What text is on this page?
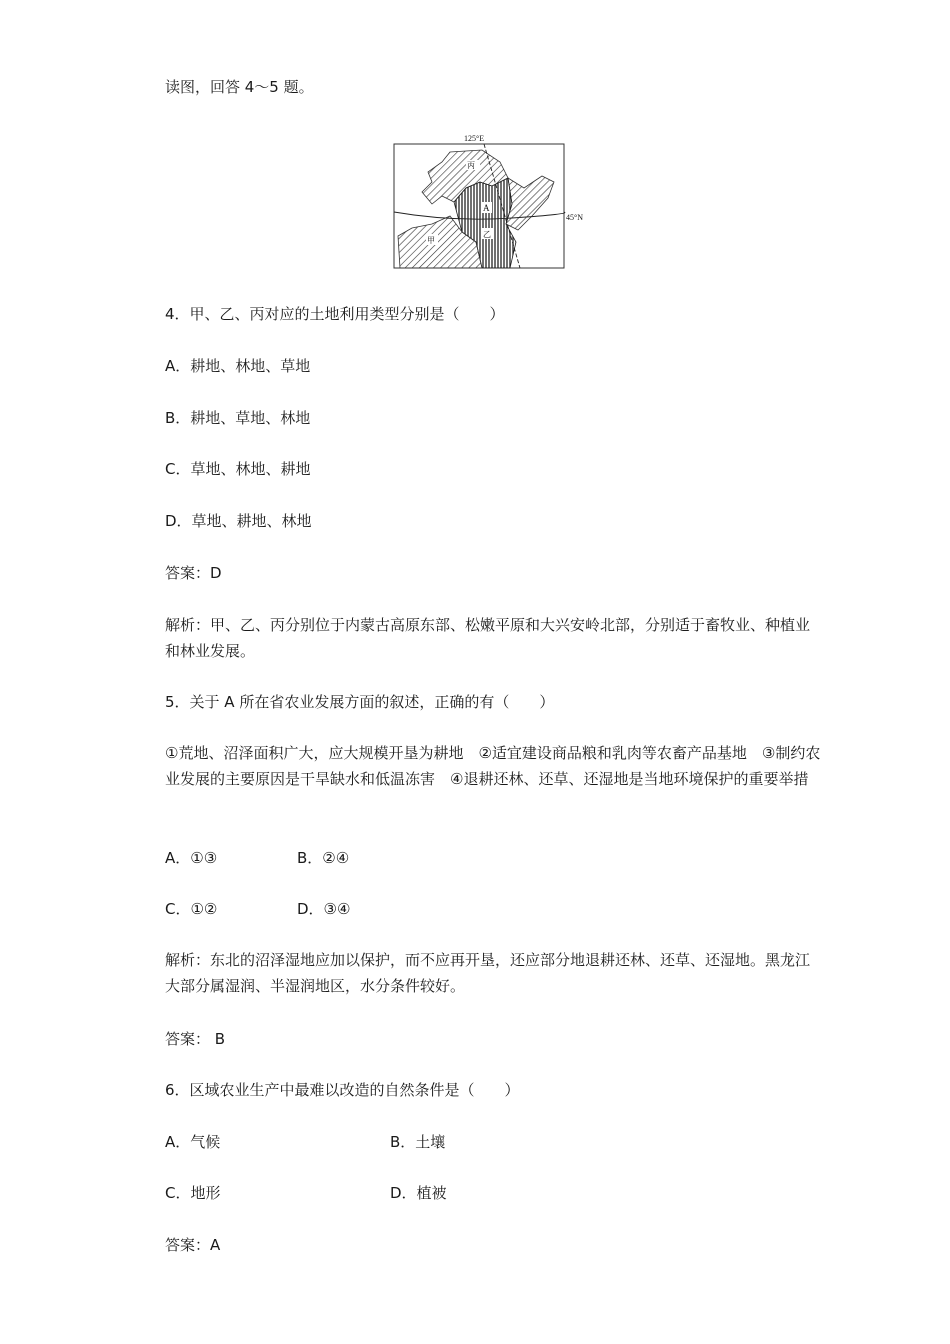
读图，回答 4～5 题。
125°E
45°N
丙
A
乙
甲
4．甲、乙、丙对应的土地利用类型分别是（　　）
A．耕地、林地、草地
B．耕地、草地、林地
C．草地、林地、耕地
D．草地、耕地、林地
答案：D
解析：甲、乙、丙分别位于内蒙古高原东部、松嫩平原和大兴安岭北部，分别适于畜牧业、种植业和林业发展。
5．关于 A 所在省农业发展方面的叙述，正确的有（　　）
①荒地、沼泽面积广大，应大规模开垦为耕地　②适宜建设商品粮和乳肉等农畜产品基地　③制约农业发展的主要原因是干旱缺水和低温冻害　④退耕还林、还草、还湿地是当地环境保护的重要举措
A．①③	B．②④
C．①②	D．③④
解析：东北的沼泽湿地应加以保护，而不应再开垦，还应部分地退耕还林、还草、还湿地。黑龙江大部分属湿润、半湿润地区，水分条件较好。
答案： B
6．区域农业生产中最难以改造的自然条件是（　　）
A．气候	B．土壤
C．地形	D．植被
答案：A
